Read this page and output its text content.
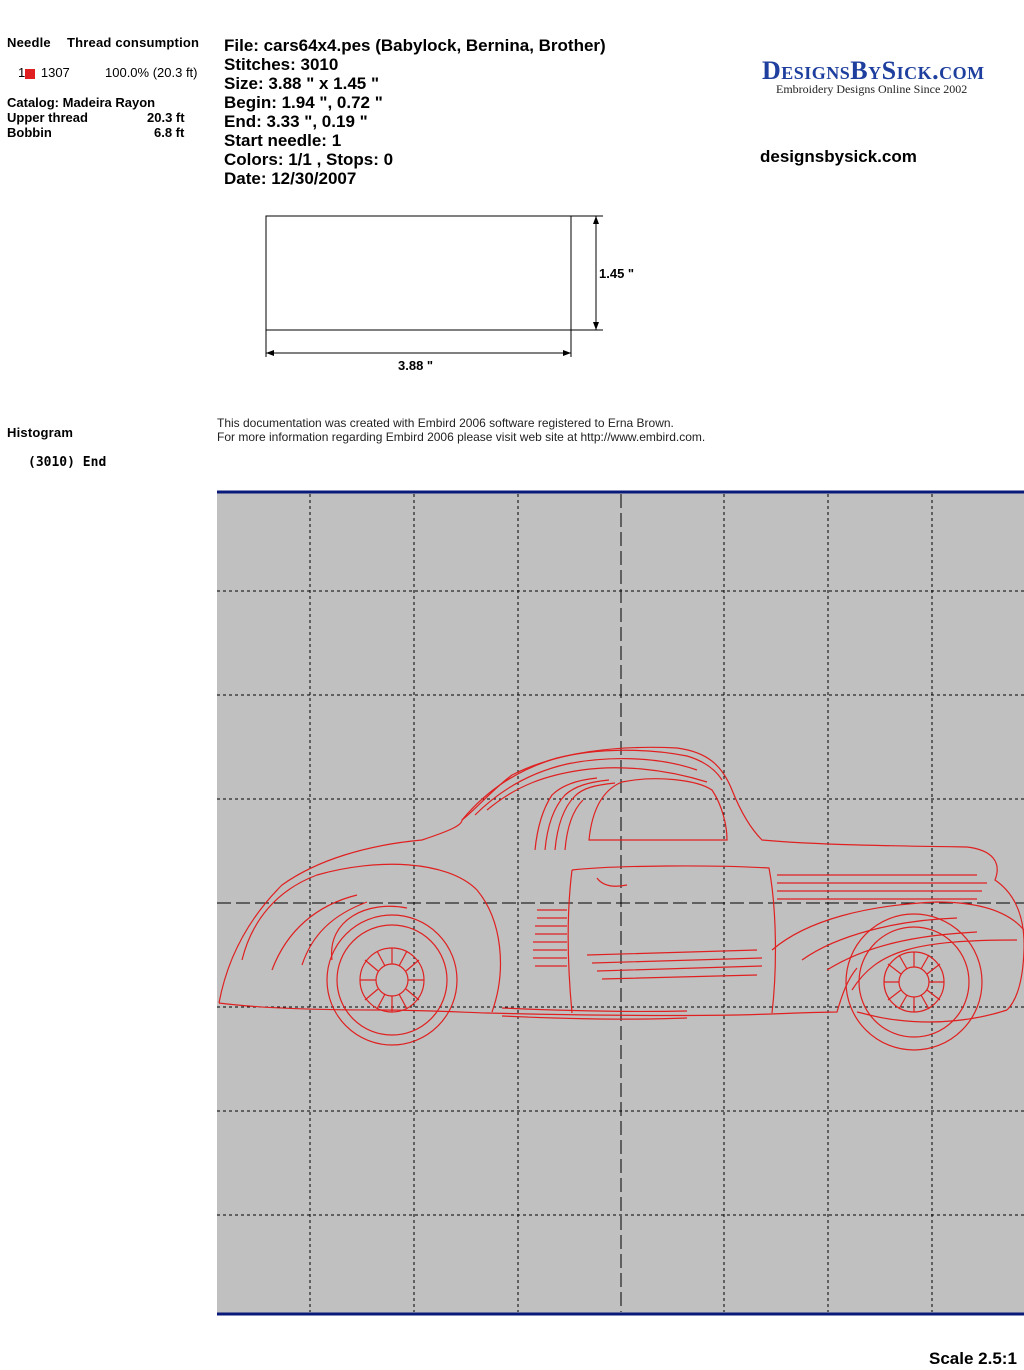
Needle Thread consumption
1 1307	100.0% (20.3 ft)
Catalog: Madeira Rayon
Upper thread	20.3 ft
Bobbin	6.8 ft
File: cars64x4.pes (Babylock, Bernina, Brother)
Stitches: 3010
Size: 3.88 " x 1.45 "
Begin: 1.94 ", 0.72 "
End: 3.33 ", 0.19 "
Start needle: 1
Colors: 1/1 , Stops: 0
Date: 12/30/2007
DesignsBySick.com
Embroidery Designs Online Since 2002
designsbysick.com
1.45 "
3.88 "
Histogram
(3010) End
This documentation was created with Embird 2006 software registered to Erna Brown.
For more information regarding Embird 2006 please visit web site at http://www.embird.com.
Scale 2.5:1
